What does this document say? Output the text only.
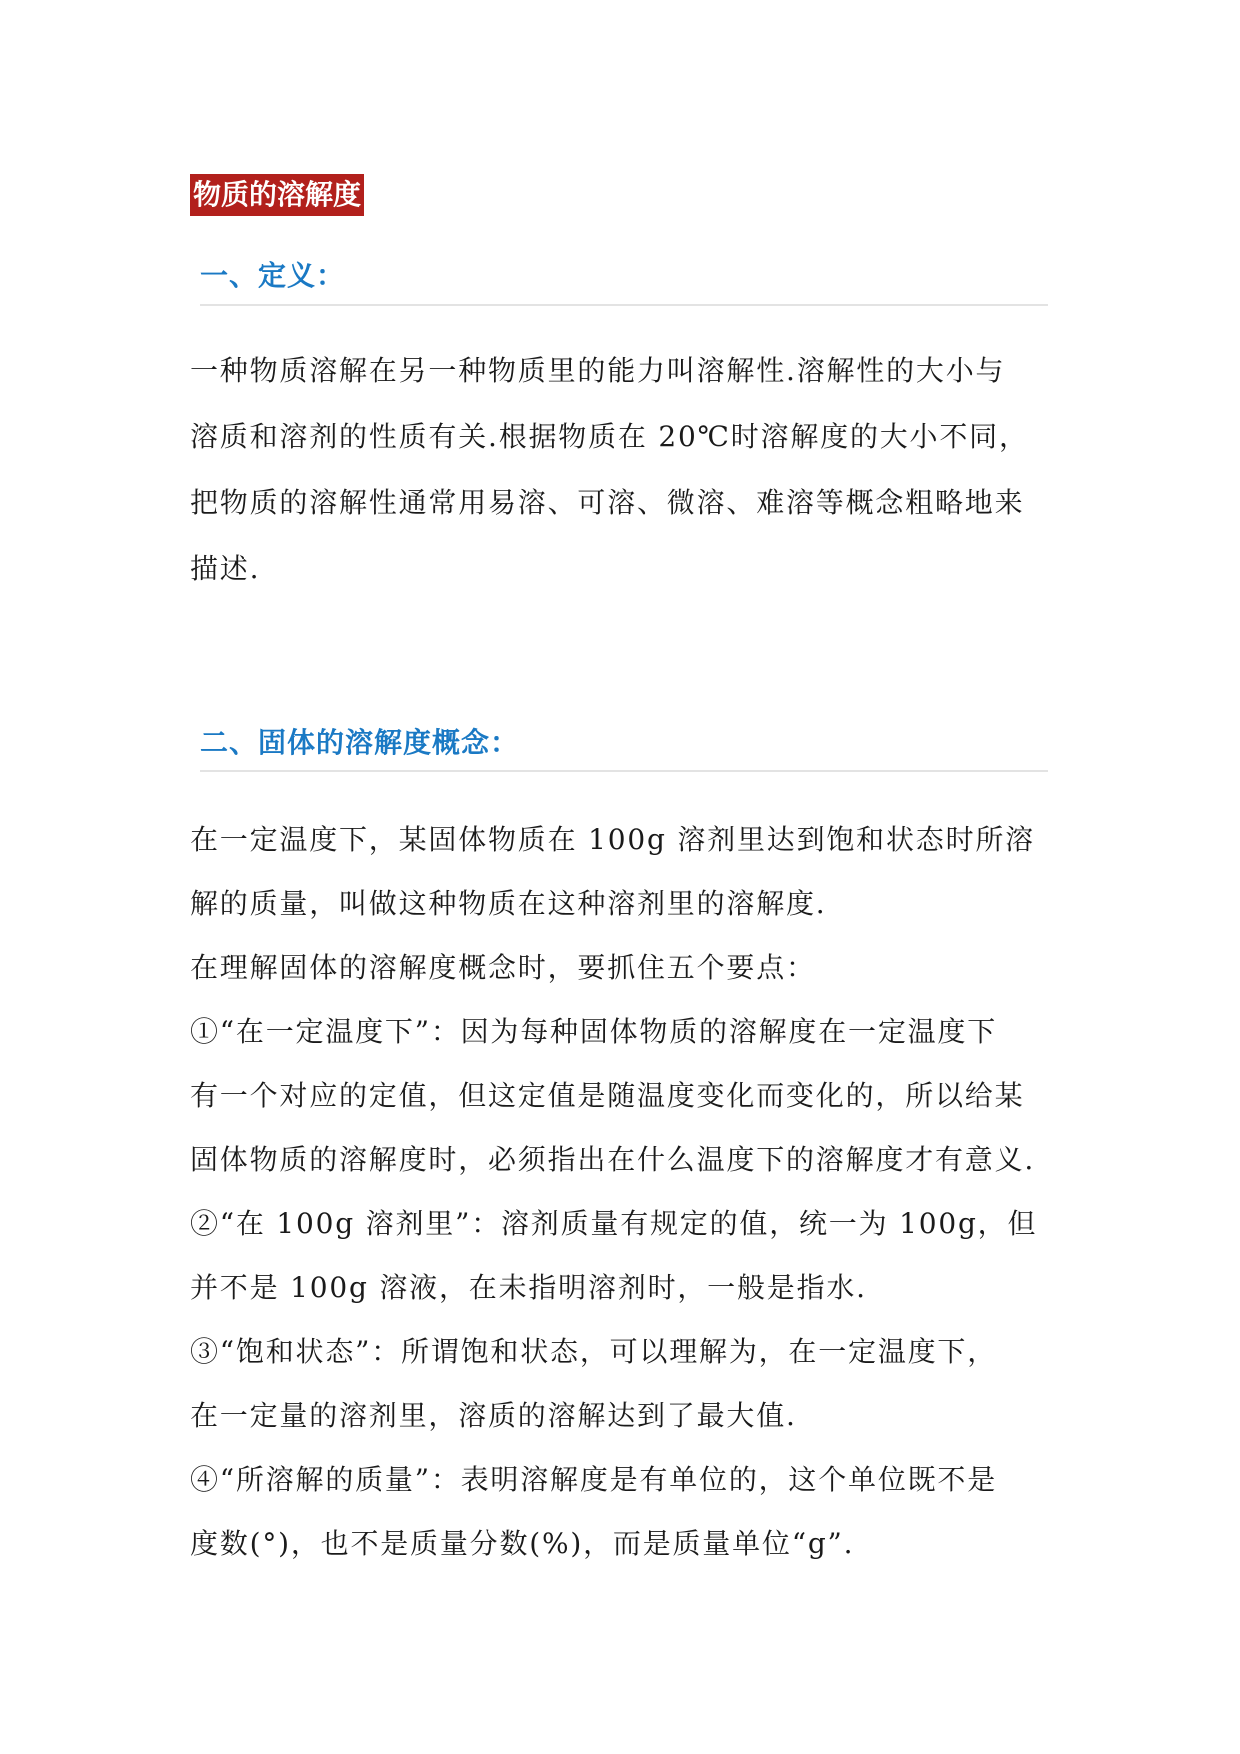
物质的溶解度
一、定义：

一种物质溶解在另一种物质里的能力叫溶解性.溶解性的大小与

溶质和溶剂的性质有关.根据物质在 20℃时溶解度的大小不同，

把物质的溶解性通常用易溶、可溶、微溶、难溶等概念粗略地来

描述.

二、固体的溶解度概念：

在一定温度下，某固体物质在 100g 溶剂里达到饱和状态时所溶

解的质量，叫做这种物质在这种溶剂里的溶解度.

在理解固体的溶解度概念时，要抓住五个要点：

①“在一定温度下”：因为每种固体物质的溶解度在一定温度下

有一个对应的定值，但这定值是随温度变化而变化的，所以给某

固体物质的溶解度时，必须指出在什么温度下的溶解度才有意义.

②“在 100g 溶剂里”：溶剂质量有规定的值，统一为 100g，但

并不是 100g 溶液，在未指明溶剂时，一般是指水.

③“饱和状态”：所谓饱和状态，可以理解为，在一定温度下，

在一定量的溶剂里，溶质的溶解达到了最大值.

④“所溶解的质量”：表明溶解度是有单位的，这个单位既不是

度数(°)，也不是质量分数(%)，而是质量单位“g”.
